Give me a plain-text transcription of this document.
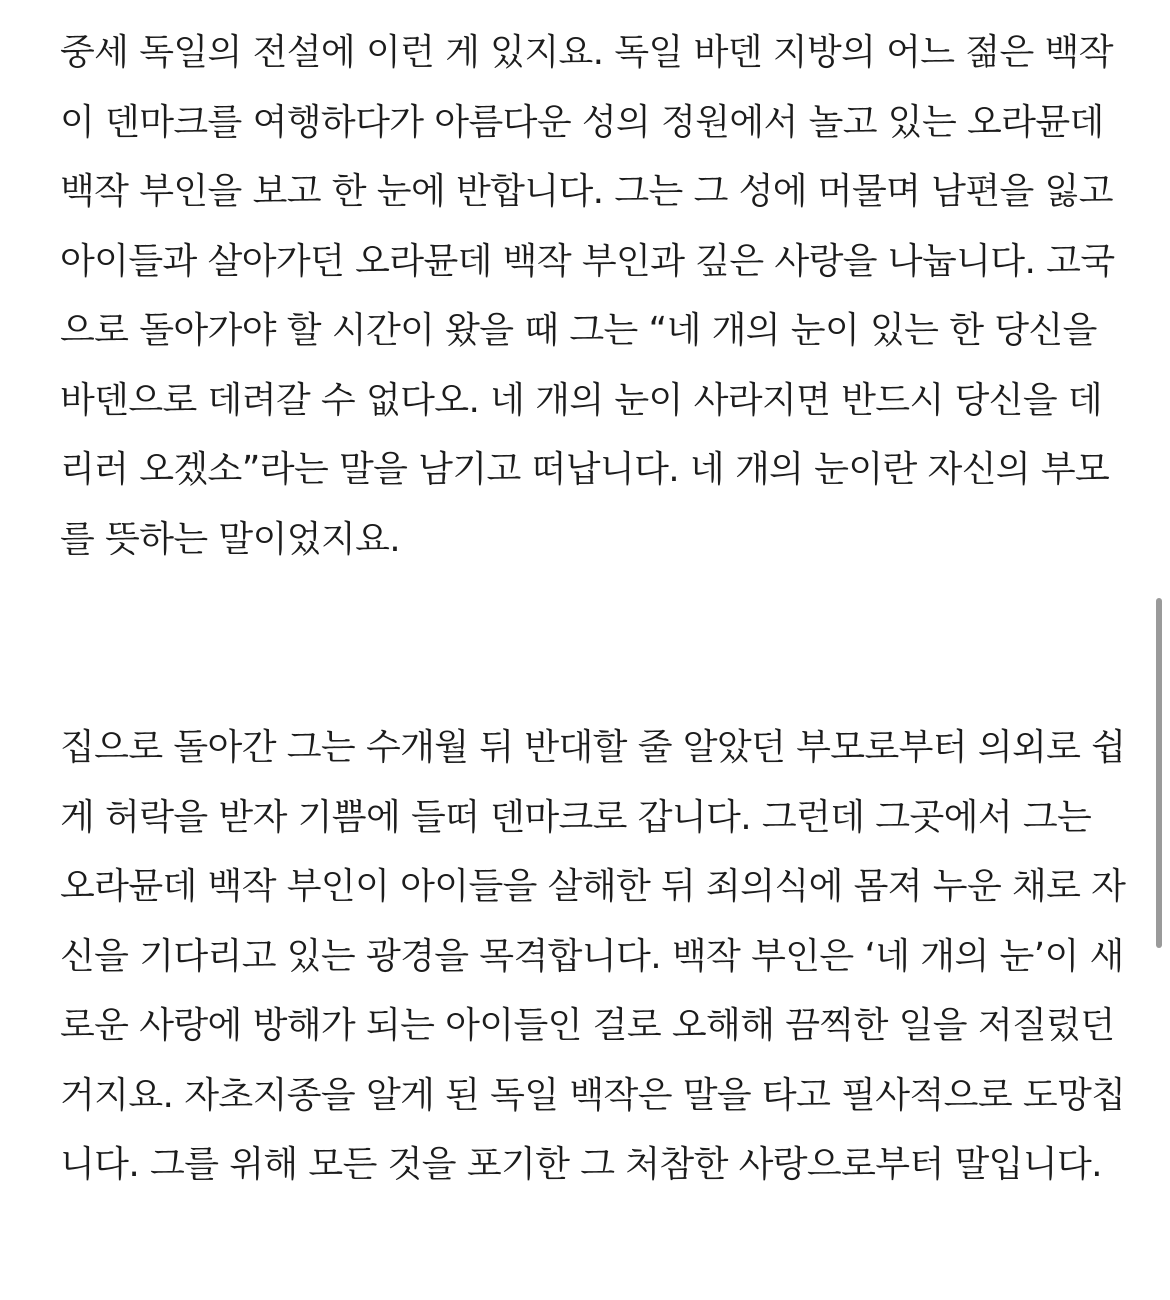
중세 독일의 전설에 이런 게 있지요. 독일 바덴 지방의 어느 젊은 백작
이 덴마크를 여행하다가 아름다운 성의 정원에서 놀고 있는 오라뮨데
백작 부인을 보고 한 눈에 반합니다. 그는 그 성에 머물며 남편을 잃고
아이들과 살아가던 오라뮨데 백작 부인과 깊은 사랑을 나눕니다. 고국
으로 돌아가야 할 시간이 왔을 때 그는 “네 개의 눈이 있는 한 당신을
바덴으로 데려갈 수 없다오. 네 개의 눈이 사라지면 반드시 당신을 데
리러 오겠소”라는 말을 남기고 떠납니다. 네 개의 눈이란 자신의 부모
를 뜻하는 말이었지요.
집으로 돌아간 그는 수개월 뒤 반대할 줄 알았던 부모로부터 의외로 쉽
게 허락을 받자 기쁨에 들떠 덴마크로 갑니다. 그런데 그곳에서 그는
오라뮨데 백작 부인이 아이들을 살해한 뒤 죄의식에 몸져 누운 채로 자
신을 기다리고 있는 광경을 목격합니다. 백작 부인은 ‘네 개의 눈’이 새
로운 사랑에 방해가 되는 아이들인 걸로 오해해 끔찍한 일을 저질렀던
거지요. 자초지종을 알게 된 독일 백작은 말을 타고 필사적으로 도망칩
니다. 그를 위해 모든 것을 포기한 그 처참한 사랑으로부터 말입니다.
